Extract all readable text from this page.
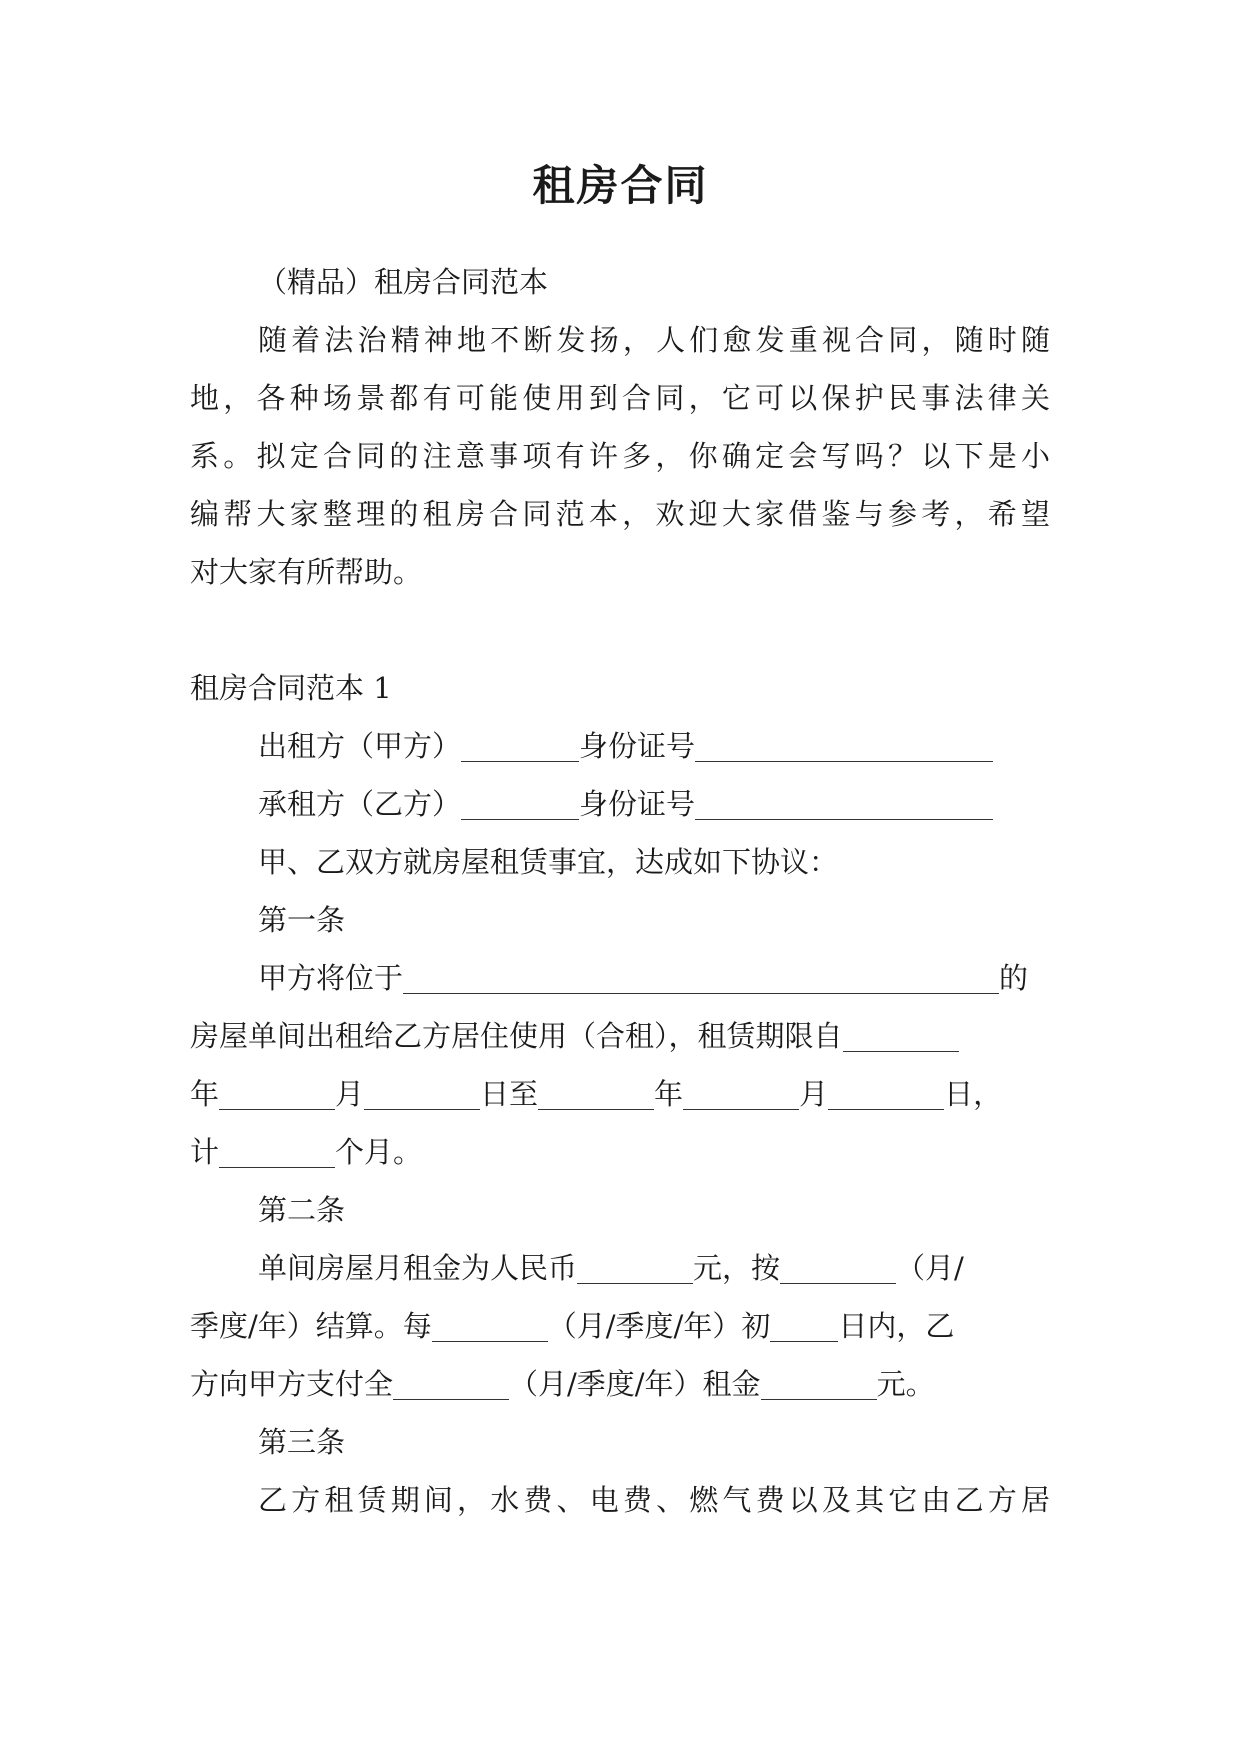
租房合同

（精品）租房合同范本

随着法治精神地不断发扬，人们愈发重视合同，随时随

地，各种场景都有可能使用到合同，它可以保护民事法律关

系。拟定合同的注意事项有许多，你确定会写吗？以下是小

编帮大家整理的租房合同范本，欢迎大家借鉴与参考，希望

对大家有所帮助。

租房合同范本 1

出租方（甲方）	身份证号

承租方（乙方）	身份证号

甲、乙双方就房屋租赁事宜，达成如下协议：

第一条

甲方将位于	的

房屋单间出租给乙方居住使用（合租），租赁期限自

年	月	日至	年	月	日，

计	个月。

第二条

单间房屋月租金为人民币	元，按	（月/

季度/年）结算。每	（月/季度/年）初 日内，乙

方向甲方支付全	（月/季度/年）租金	元。

第三条

乙方租赁期间，水费、电费、燃气费以及其它由乙方居
